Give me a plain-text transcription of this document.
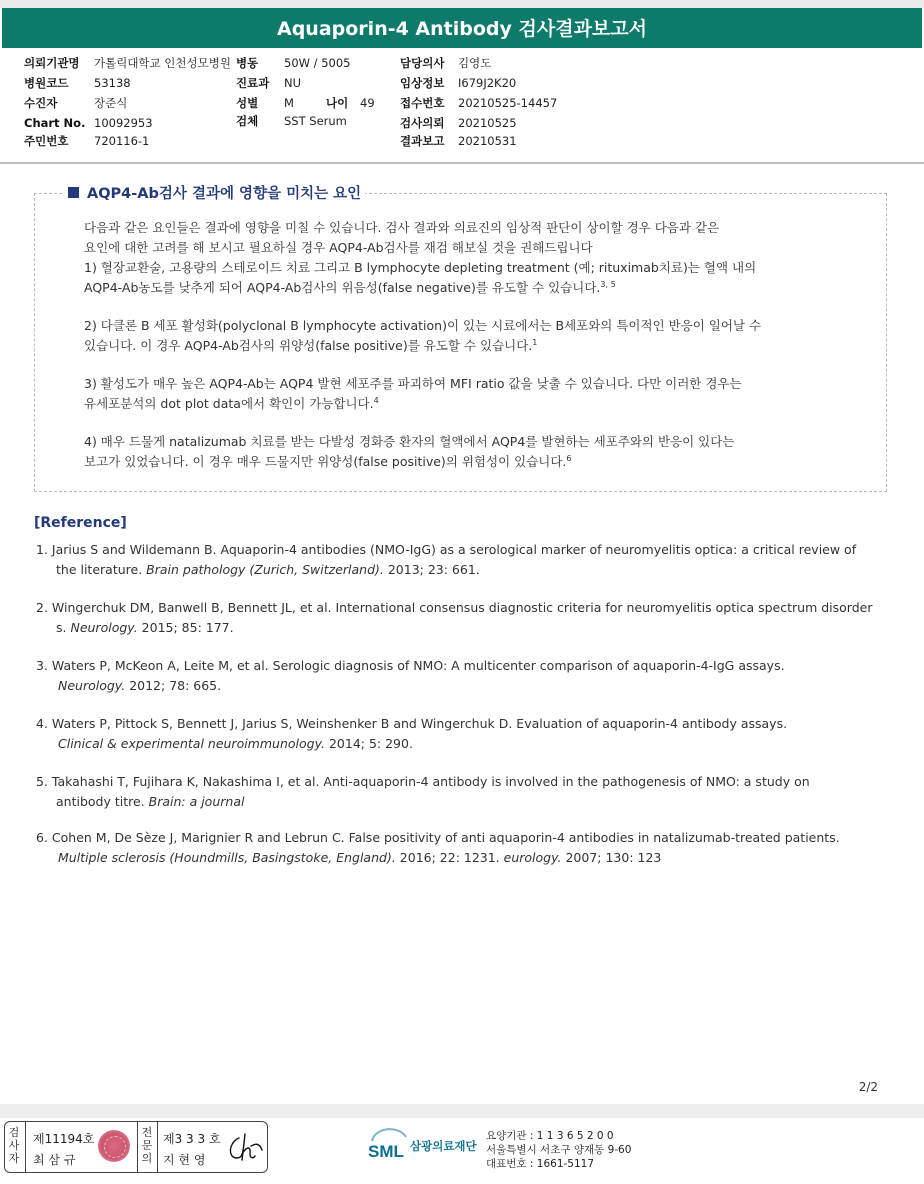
Aquaporin-4 Antibody 검사결과보고서
의뢰기관명 가톨릭대학교 인천성모병원
병원코드 53138
수진자	장준식
Chart No. 10092953
주민번호 720116-1
병동 50W / 5005
진료과 NU
성별 M	나이 49
검체 SST Serum
담당의사 김영도
임상정보 I679J2K20
접수번호 20210525-14457
검사의뢰 20210525
결과보고 20210531
AQP4-Ab검사 결과에 영향을 미치는 요인

다음과 같은 요인들은 결과에 영향을 미칠 수 있습니다. 검사 결과와 의료진의 임상적 판단이 상이할 경우 다음과 같은

요인에 대한 고려를 해 보시고 필요하실 경우 AQP4-Ab검사를 재검 해보실 것을 권해드립니다

1) 혈장교환술, 고용량의 스테로이드 치료 그리고 B lymphocyte depleting treatment (예; rituximab치료)는 혈액 내의

AQP4-Ab농도를 낮추게 되어 AQP4-Ab검사의 위음성(false negative)를 유도할 수 있습니다.$^{3, 5}$

2) 다클론 B 세포 활성화(polyclonal B lymphocyte activation)이 있는 시료에서는 B세포와의 특이적인 반응이 일어날 수

있습니다. 이 경우 AQP4-Ab검사의 위양성(false positive)를 유도할 수 있습니다.$^1$

3) 활성도가 매우 높은 AQP4-Ab는 AQP4 발현 세포주를 파괴하여 MFI ratio 값을 낮출 수 있습니다. 다만 이러한 경우는

유세포분석의 dot plot data에서 확인이 가능합니다.$^4$

4) 매우 드물게 natalizumab 치료를 받는 다발성 경화증 환자의 혈액에서 AQP4를 발현하는 세포주와의 반응이 있다는

보고가 있었습니다. 이 경우 매우 드물지만 위양성(false positive)의 위험성이 있습니다.$^6$

[Reference]
1. Jarius S and Wildemann B. Aquaporin-4 antibodies (NMO-IgG) as a serological marker of neuromyelitis optica: a critical review of
the literature. Brain pathology (Zurich, Switzerland). 2013; 23: 661.
2. Wingerchuk DM, Banwell B, Bennett JL, et al. International consensus diagnostic criteria for neuromyelitis optica spectrum disorder
s. Neurology. 2015; 85: 177.
3. Waters P, McKeon A, Leite M, et al. Serologic diagnosis of NMO: A multicenter comparison of aquaporin-4-IgG assays.
Neurology. 2012; 78: 665.
4. Waters P, Pittock S, Bennett J, Jarius S, Weinshenker B and Wingerchuk D. Evaluation of aquaporin-4 antibody assays.
Clinical & experimental neuroimmunology. 2014; 5: 290.
5. Takahashi T, Fujihara K, Nakashima I, et al. Anti-aquaporin-4 antibody is involved in the pathogenesis of NMO: a study on
antibody titre. Brain: a journal
6. Cohen M, De Sèze J, Marignier R and Lebrun C. False positivity of anti aquaporin-4 antibodies in natalizumab-treated patients.
Multiple sclerosis (Houndmills, Basingstoke, England). 2016; 22: 1231. eurology. 2007; 130: 123
2/2
검
사
자
제11194호
최 삼 규
전
문
의
제3 3 3 호
지 현 영	SML 삼광의료재단
요양기관 : 1 1 3 6 5 2 0 0
서울특별시 서초구 양재동 9-60
대표번호 : 1661-5117
